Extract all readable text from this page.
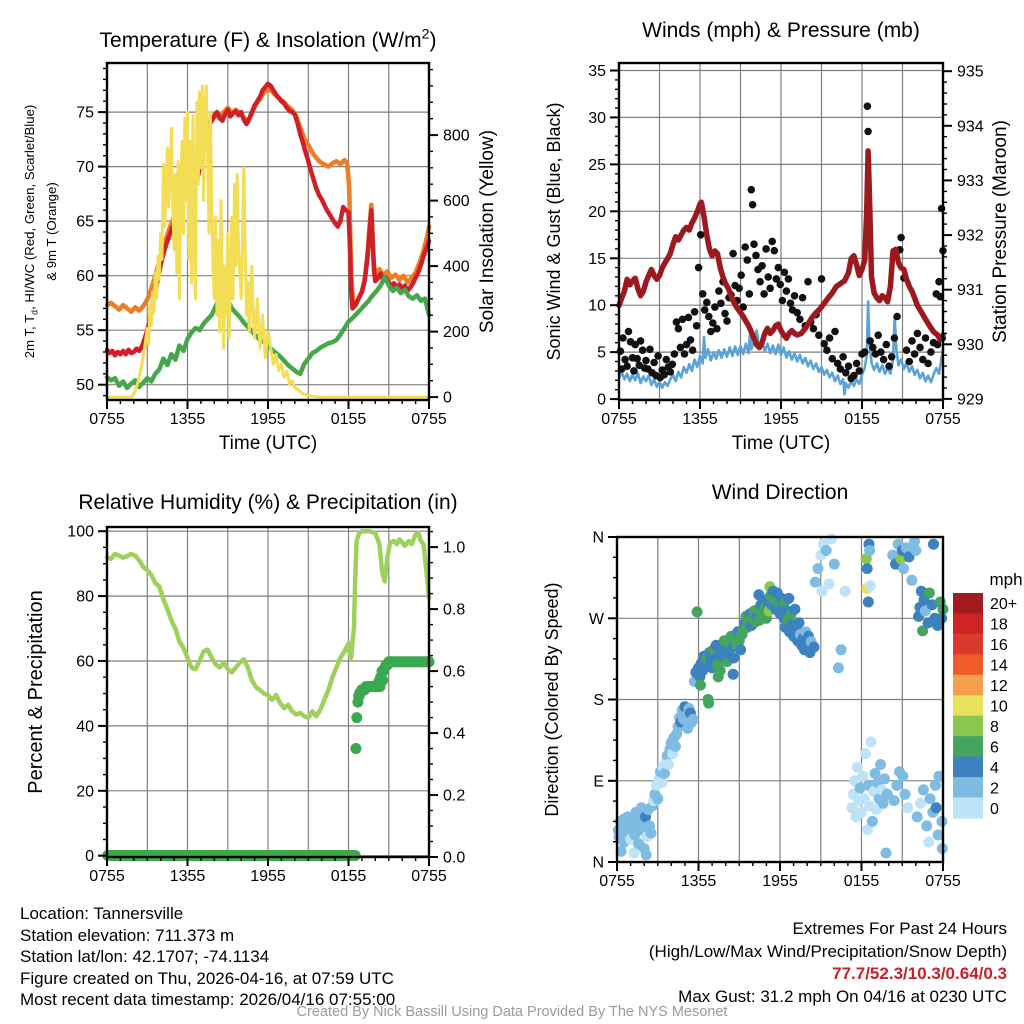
0755	1355	1955	0155	0755
50
55
60
65
70
75
0
200
400
600
800
Temperature (F) & Insolation $(W/m^2)$
Time (UTC)
2m T, $T_d$, HI/WC (Red, Green, Scarlet/Blue) & 9m T (Orange)	Solar Insolation (Yellow)
0755	1355	1955	0155	0755
0
5
10
15
20
25
30
35
929
930
931
932
933
934
935
Winds (mph) & Pressure (mb)
Time (UTC)
Sonic Wind & Gust (Blue, Black)	Station Pressure (Maroon)
0755	1355	1955	0155	0755
0
20
40
60
80
100
0.0
0.2
0.4
0.6
0.8
1.0
Relative Humidity (%) & Precipitation (in)
Percent & Precipitation
0755	1355	1955	0155	0755
N
W
S
E
N
Wind Direction
Direction (Colored By Speed)
mph
20+
18
16
14
12
10
8
6
4
2
0
Location: Tannersville
Station elevation: 711.373 m
Station lat/lon: 42.1707; -74.1134
Figure created on Thu, 2026-04-16, at 07:59 UTC
Most recent data timestamp: 2026/04/16 07:55:00
Extremes For Past 24 Hours
(High/Low/Max Wind/Precipitation/Snow Depth)
77.7/52.3/10.3/0.64/0.3
Max Gust: 31.2 mph On 04/16 at 0230 UTC
Created By Nick Bassill Using Data Provided By The NYS Mesonet
